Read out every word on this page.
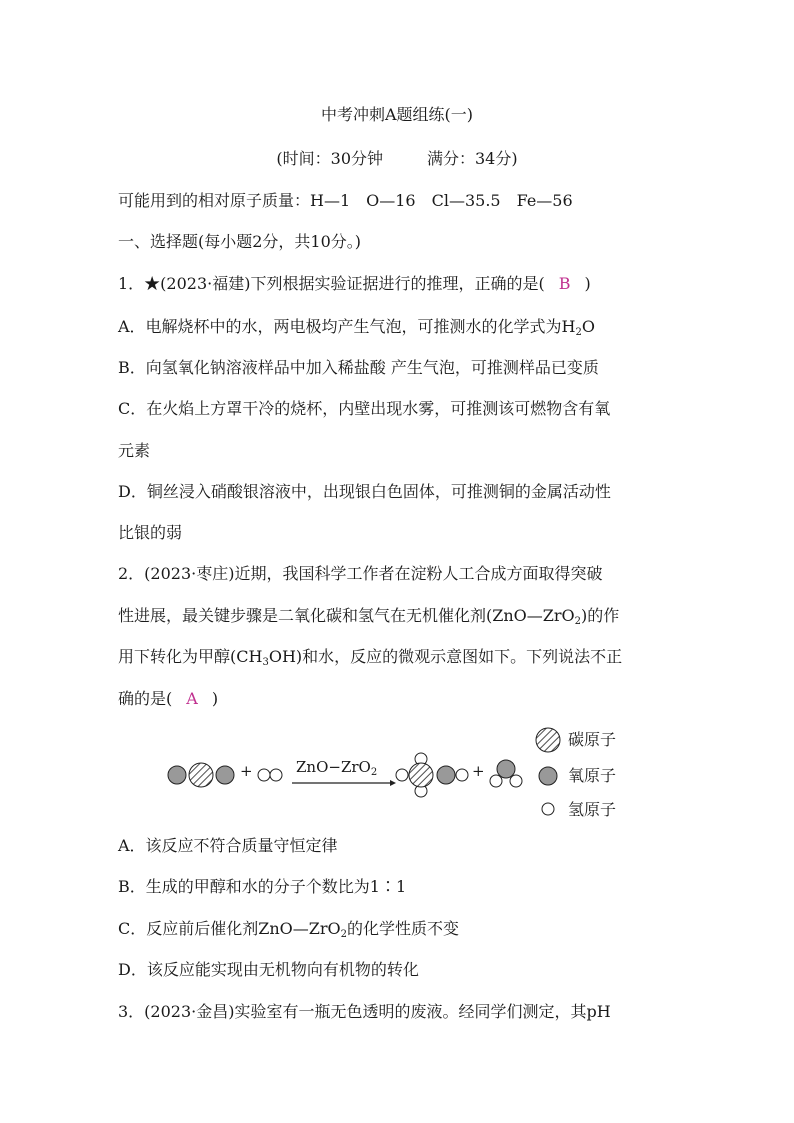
中考冲刺A题组练(一)
(时间：30分钟	满分：34分)
可能用到的相对原子质量：H—1　O—16　Cl—35.5　Fe—56
一、选择题(每小题2分，共10分。)
1．★(2023·福建)下列根据实验证据进行的推理，正确的是( B )
A．电解烧杯中的水，两电极均产生气泡，可推测水的化学式为$H_2O$
B．向氢氧化钠溶液样品中加入稀盐酸 产生气泡，可推测样品已变质
C．在火焰上方罩干冷的烧杯，内壁出现水雾，可推测该可燃物含有氧
元素
D．铜丝浸入硝酸银溶液中，出现银白色固体，可推测铜的金属活动性
比银的弱
2．(2023·枣庄)近期，我国科学工作者在淀粉人工合成方面取得突破
性进展，最关键步骤是二氧化碳和氢气在无机催化剂(ZnO—ZrO$_2$)的作
用下转化为甲醇$(CH_3OH)$和水，反应的微观示意图如下。下列说法不正
确的是( A )
+	+
ZnO−ZrO$_2$
碳原子
氧原子
氢原子
A．该反应不符合质量守恒定律
B．生成的甲醇和水的分子个数比为1∶1
C．反应前后催化剂ZnO—ZrO$_2$的化学性质不变
D．该反应能实现由无机物向有机物的转化
3．(2023·金昌)实验室有一瓶无色透明的废液。经同学们测定，其pH
